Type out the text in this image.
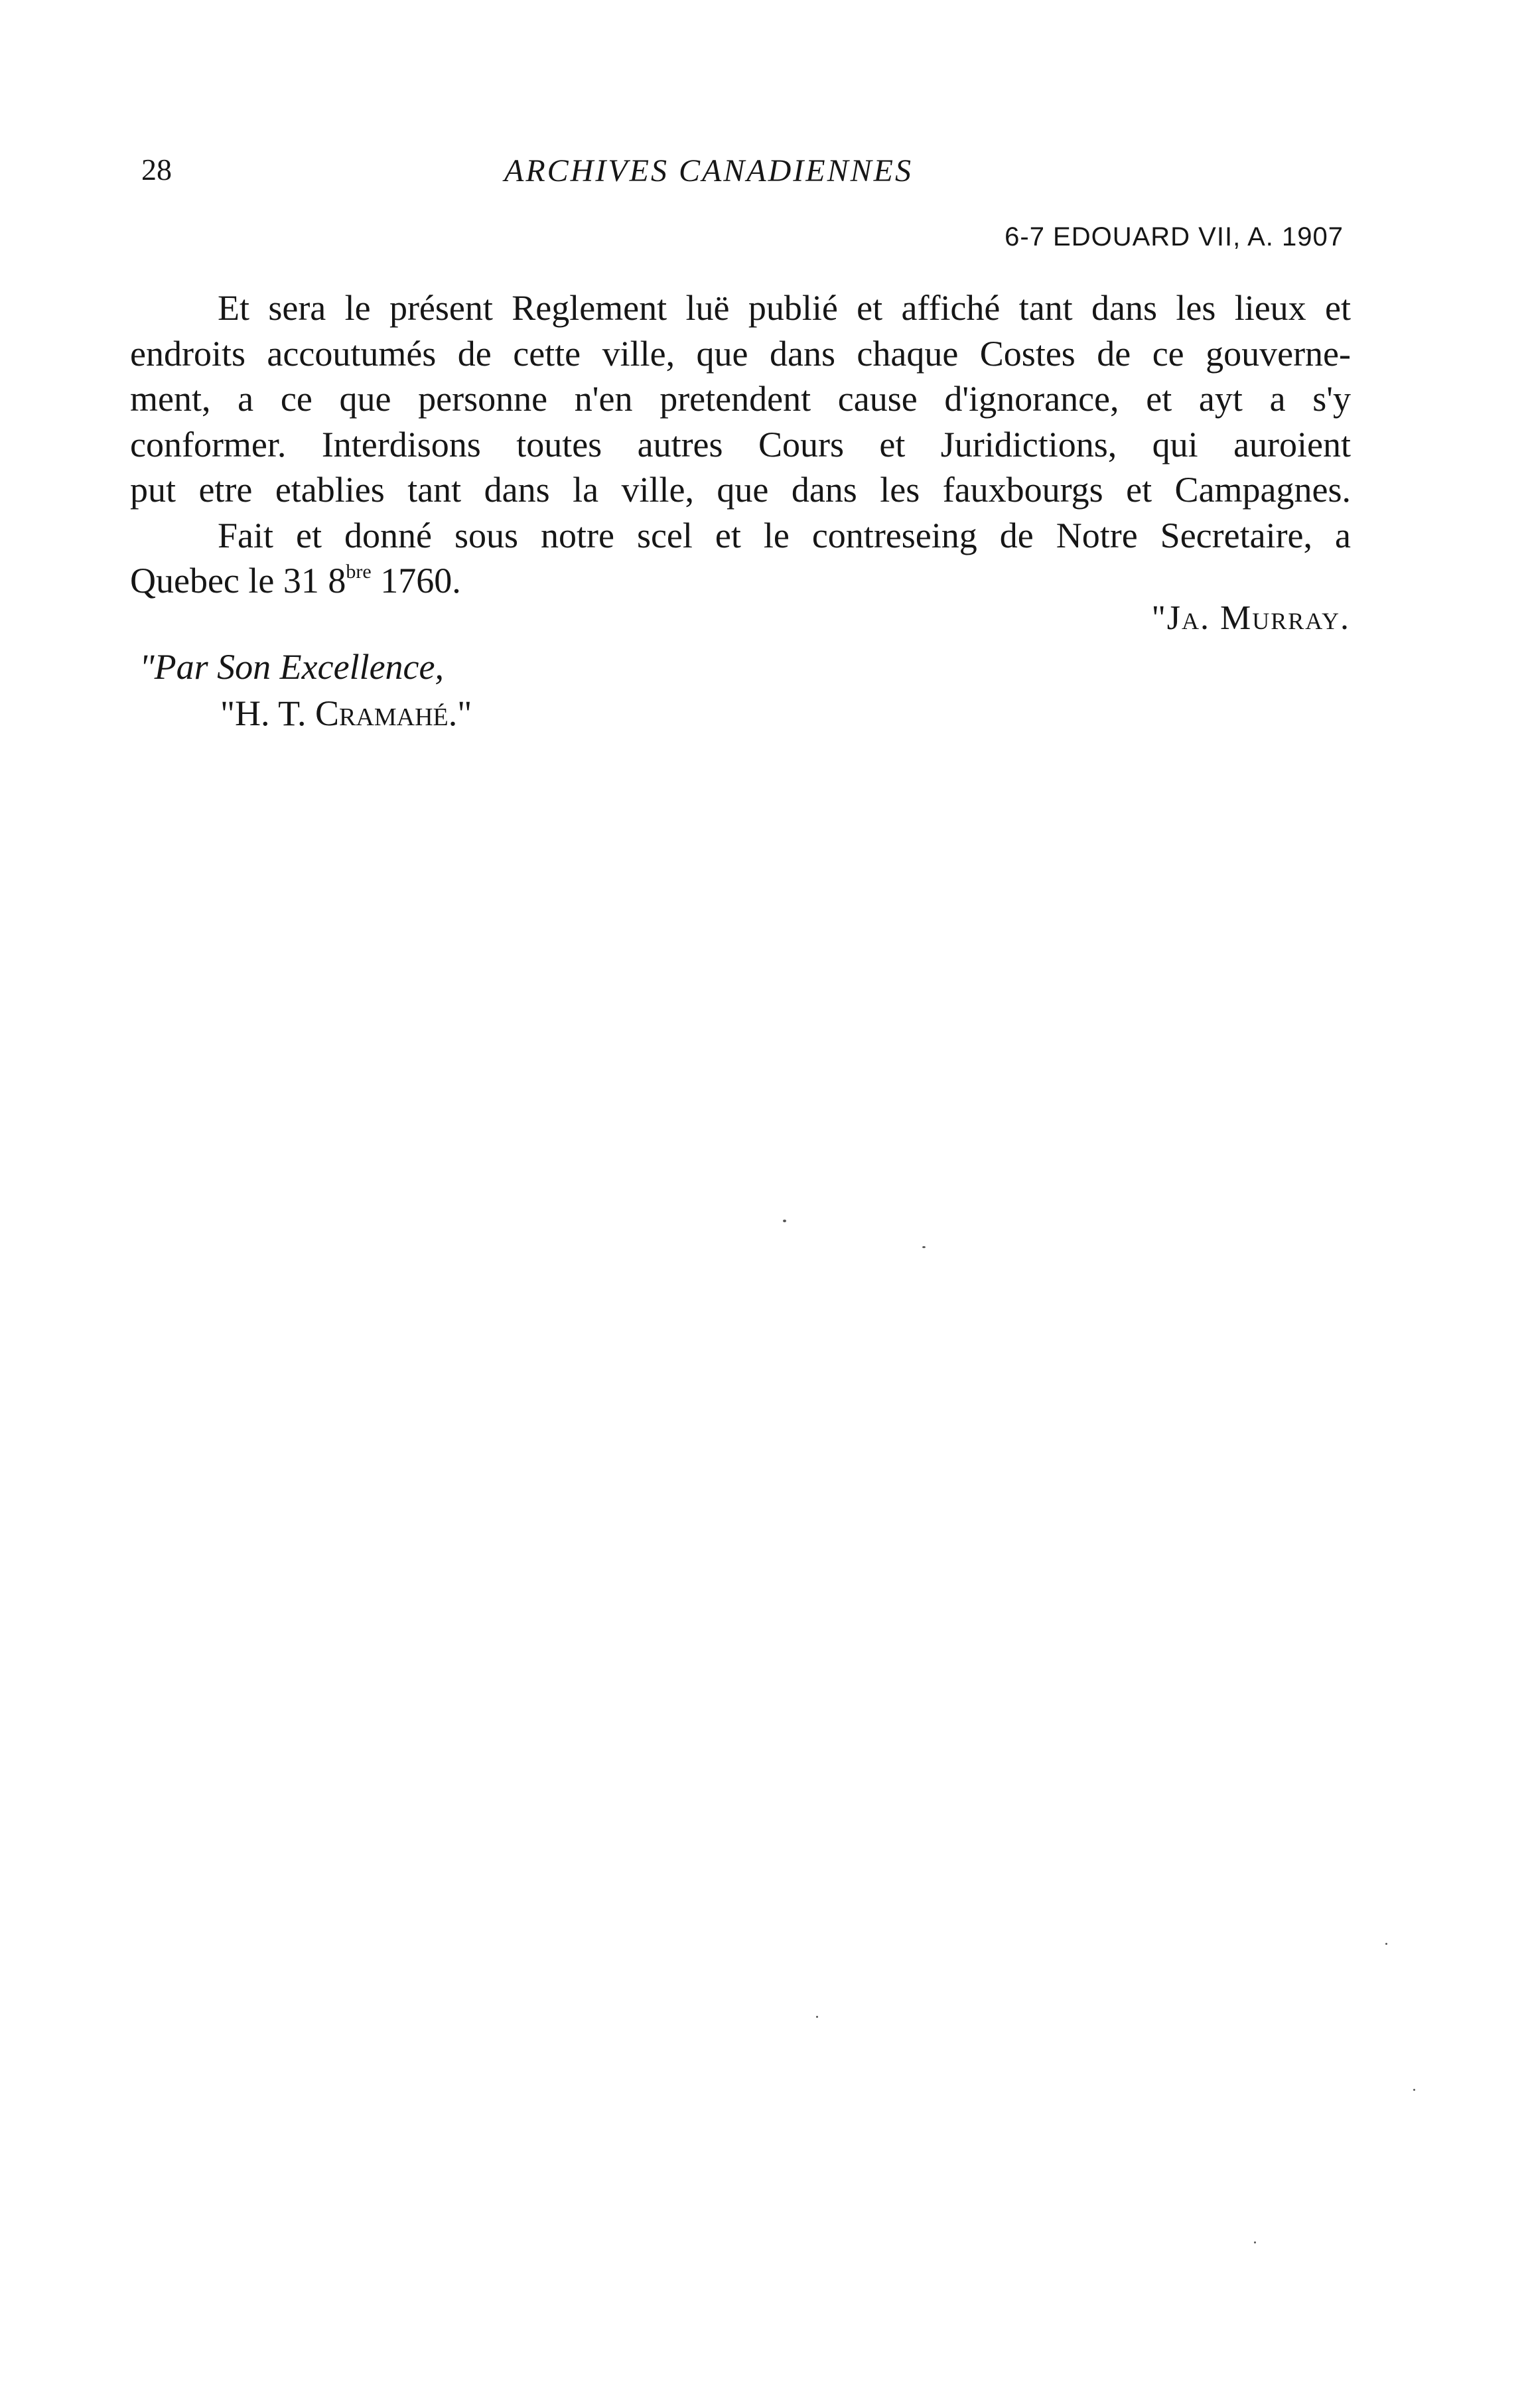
28	ARCHIVES CANADIENNES
6-7 EDOUARD VII, A. 1907
Et sera le présent Reglement luë publié et affiché tant dans les lieux et
endroits accoutumés de cette ville, que dans chaque Costes de ce gouverne-
ment, a ce que personne n'en pretendent cause d'ignorance, et ayt a s'y
conformer. Interdisons toutes autres Cours et Juridictions, qui auroient
put etre etablies tant dans la ville, que dans les fauxbourgs et Campagnes.
Fait et donné sous notre scel et le contreseing de Notre Secretaire, a
Quebec le 31 $8^{bre}$ 1760.
"Ja. Murray.
"Par Son Excellence,
"H. T. Cramahé."
